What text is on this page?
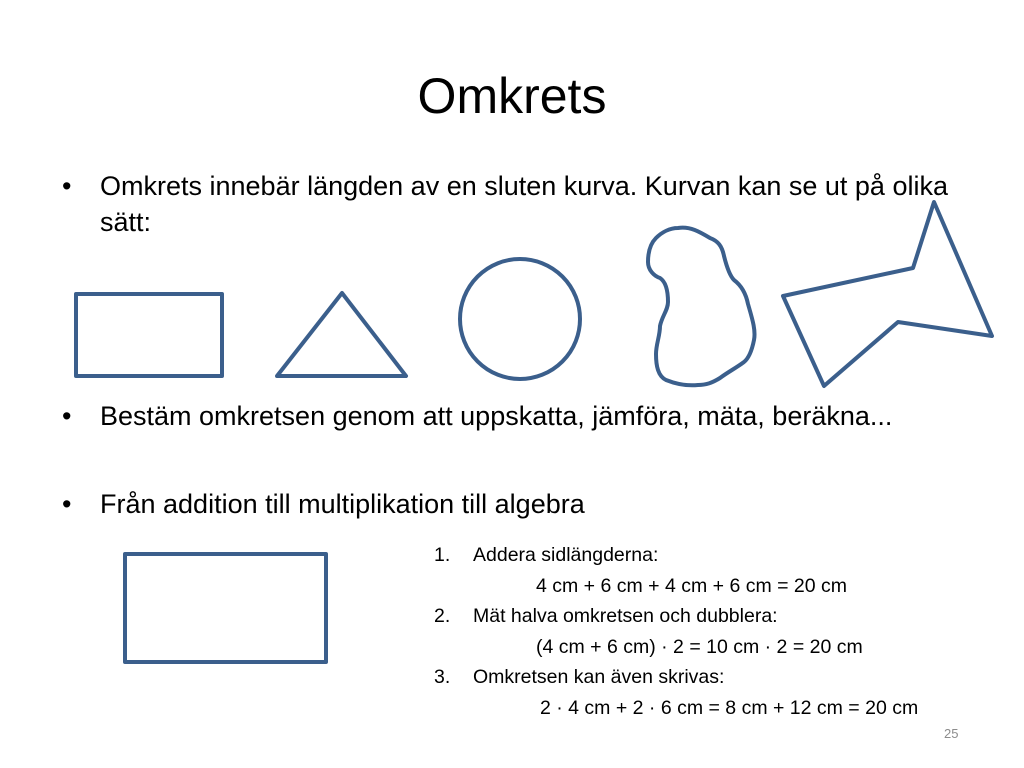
Omkrets
• Omkrets innebär längden av en sluten kurva. Kurvan kan se ut på olika sätt:
• Bestäm omkretsen genom att uppskatta, jämföra, mäta, beräkna...
• Från addition till multiplikation till algebra
1. Addera sidlängderna:
4 cm + 6 cm + 4 cm + 6 cm = 20 cm
2. Mät halva omkretsen och dubblera:
(4 cm + 6 cm) · 2 = 10 cm · 2 = 20 cm
3. Omkretsen kan även skrivas:
2 · 4 cm + 2 · 6 cm = 8 cm + 12 cm = 20 cm
25
